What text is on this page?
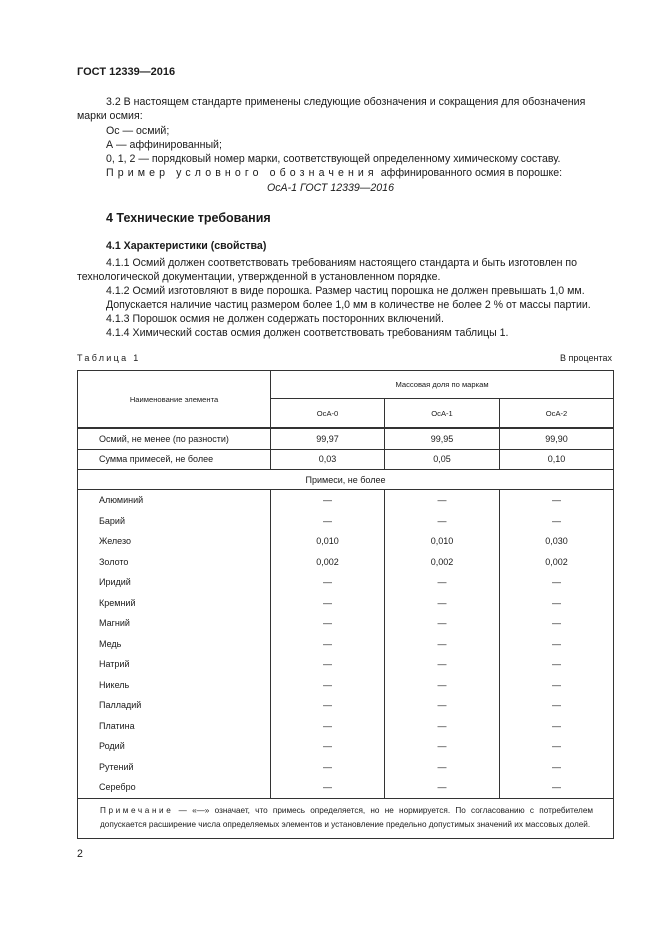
ГОСТ 12339—2016
3.2 В настоящем стандарте применены следующие обозначения и сокращения для обозначения
марки осмия:
Ос — осмий;
А — аффинированный;
0, 1, 2 — порядковый номер марки, соответствующей определенному химическому составу.
Пример условного обозначения аффинированного осмия в порошке:
ОсА-1 ГОСТ 12339—2016
4 Технические требования
4.1 Характеристики (свойства)
4.1.1 Осмий должен соответствовать требованиям настоящего стандарта и быть изготовлен по
технологической документации, утвержденной в установленном порядке.
4.1.2 Осмий изготовляют в виде порошка. Размер частиц порошка не должен превышать 1,0 мм.
Допускается наличие частиц размером более 1,0 мм в количестве не более 2 % от массы партии.
4.1.3 Порошок осмия не должен содержать посторонних включений.
4.1.4 Химический состав осмия должен соответствовать требованиям таблицы 1.
Таблица 1	В процентах
Наименование элемента	Массовая доля по маркам		
	ОсА-0	ОсА-1	ОсА-2
Осмий, не менее (по разности)	99,97	99,95	99,90
Сумма примесей, не более	0,03	0,05	0,10
Примеси, не более			
Алюминий	—	—	—
Барий	—	—	—
Железо	0,010	0,010	0,030
Золото	0,002	0,002	0,002
Иридий	—	—	—
Кремний	—	—	—
Магний	—	—	—
Медь	—	—	—
Натрий	—	—	—
Никель	—	—	—
Палладий	—	—	—
Платина	—	—	—
Родий	—	—	—
Рутений	—	—	—
Серебро	—	—	—
Примечание — «—» означает, что примесь определяется, но не нормируется. По согласованию с потребителем допускается расширение числа определяемых элементов и установление предельно допустимых значений их массовых долей.			
2
